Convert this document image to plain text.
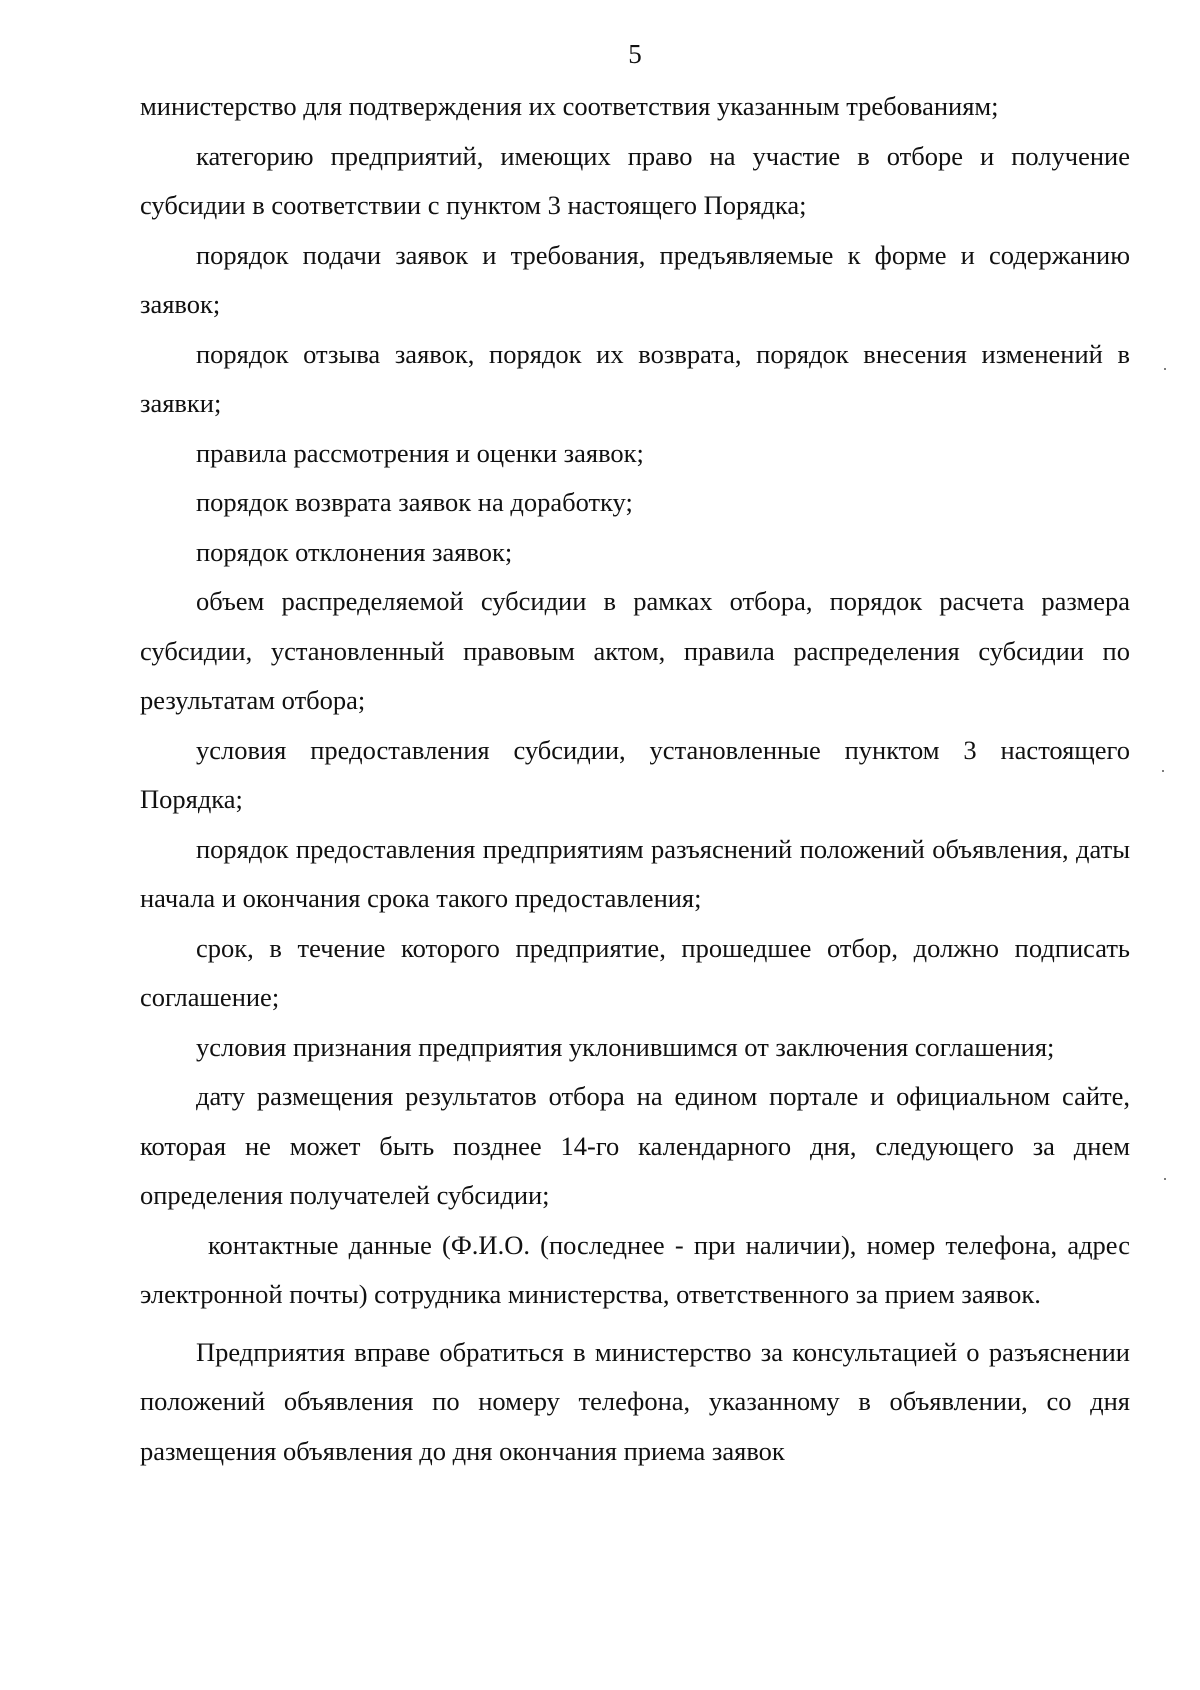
5

министерство для подтверждения их соответствия указанным требованиям;

категорию предприятий, имеющих право на участие в отборе и получение субсидии в соответствии с пунктом 3 настоящего Порядка;

порядок подачи заявок и требования, предъявляемые к форме и содержанию заявок;

порядок отзыва заявок, порядок их возврата, порядок внесения изменений в заявки;

правила рассмотрения и оценки заявок;

порядок возврата заявок на доработку;

порядок отклонения заявок;

объем распределяемой субсидии в рамках отбора, порядок расчета размера субсидии, установленный правовым актом, правила распределения субсидии по результатам отбора;

условия предоставления субсидии, установленные пунктом 3 настоящего Порядка;

порядок предоставления предприятиям разъяснений положений объявления, даты начала и окончания срока такого предоставления;

срок, в течение которого предприятие, прошедшее отбор, должно подписать соглашение;

условия признания предприятия уклонившимся от заключения соглашения;

дату размещения результатов отбора на едином портале и официальном сайте, которая не может быть позднее 14-го календарного дня, следующего за днем определения получателей субсидии;

контактные данные (Ф.И.О. (последнее - при наличии), номер телефона, адрес электронной почты) сотрудника министерства, ответственного за прием заявок.

Предприятия вправе обратиться в министерство за консультацией о разъяснении положений объявления по номеру телефона, указанному в объявлении, со дня размещения объявления до дня окончания приема заявок
